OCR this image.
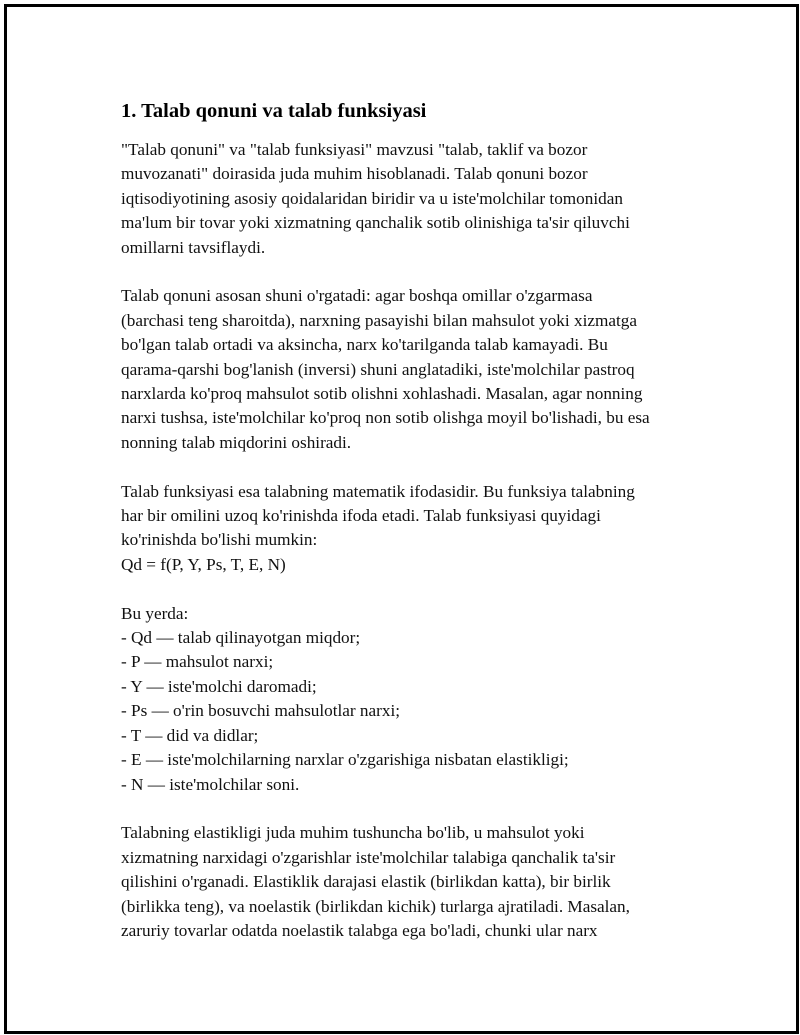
1. Talab qonuni va talab funksiyasi

"Talab qonuni" va "talab funksiyasi" mavzusi "talab, taklif va bozor
muvozanati" doirasida juda muhim hisoblanadi. Talab qonuni bozor
iqtisodiyotining asosiy qoidalaridan biridir va u iste'molchilar tomonidan
ma'lum bir tovar yoki xizmatning qanchalik sotib olinishiga ta'sir qiluvchi
omillarni tavsiflaydi.

Talab qonuni asosan shuni o'rgatadi: agar boshqa omillar o'zgarmasa
(barchasi teng sharoitda), narxning pasayishi bilan mahsulot yoki xizmatga
bo'lgan talab ortadi va aksincha, narx ko'tarilganda talab kamayadi. Bu
qarama-qarshi bog'lanish (inversi) shuni anglatadiki, iste'molchilar pastroq
narxlarda ko'proq mahsulot sotib olishni xohlashadi. Masalan, agar nonning
narxi tushsa, iste'molchilar ko'proq non sotib olishga moyil bo'lishadi, bu esa
nonning talab miqdorini oshiradi.

Talab funksiyasi esa talabning matematik ifodasidir. Bu funksiya talabning
har bir omilini uzoq ko'rinishda ifoda etadi. Talab funksiyasi quyidagi
ko'rinishda bo'lishi mumkin:
Qd = f(P, Y, Ps, T, E, N)

Bu yerda:
- Qd — talab qilinayotgan miqdor;
- P — mahsulot narxi;
- Y — iste'molchi daromadi;
- Ps — o'rin bosuvchi mahsulotlar narxi;
- T — did va didlar;
- E — iste'molchilarning narxlar o'zgarishiga nisbatan elastikligi;
- N — iste'molchilar soni.

Talabning elastikligi juda muhim tushuncha bo'lib, u mahsulot yoki
xizmatning narxidagi o'zgarishlar iste'molchilar talabiga qanchalik ta'sir
qilishini o'rganadi. Elastiklik darajasi elastik (birlikdan katta), bir birlik
(birlikka teng), va noelastik (birlikdan kichik) turlarga ajratiladi. Masalan,
zaruriy tovarlar odatda noelastik talabga ega bo'ladi, chunki ular narx
